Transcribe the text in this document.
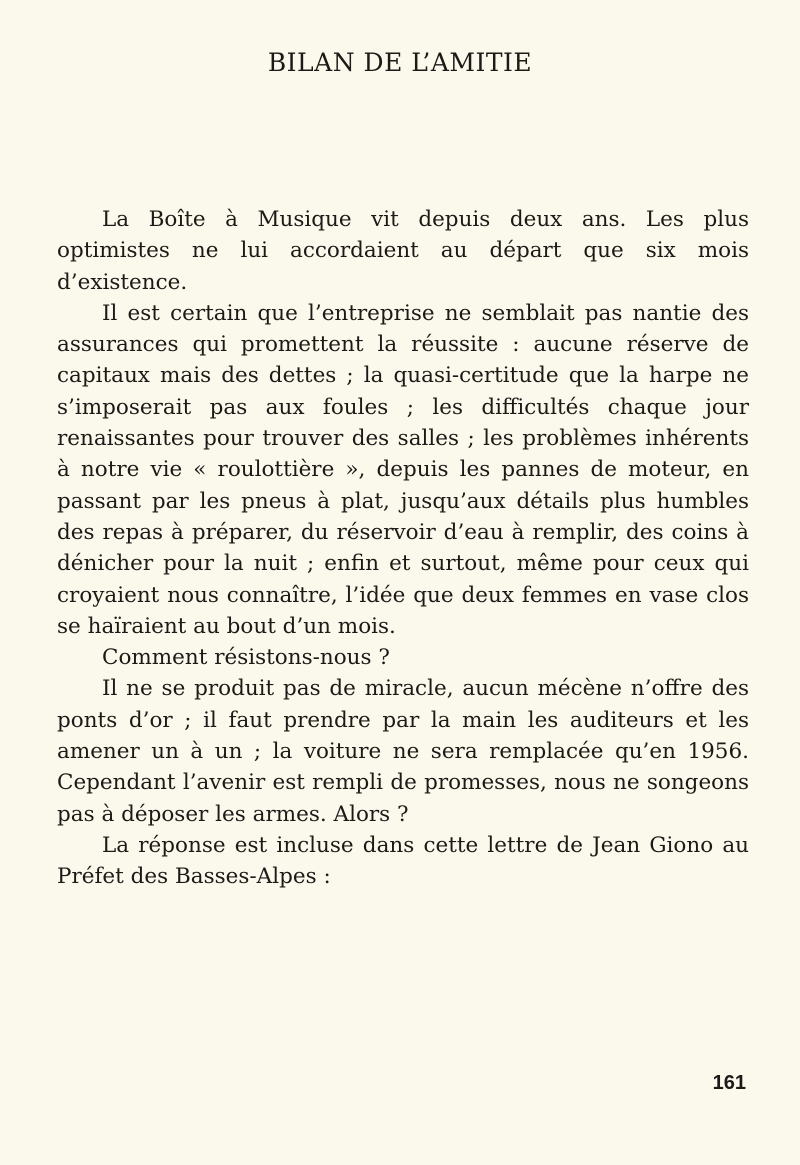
BILAN DE L’AMITIE

La Boîte à Musique vit depuis deux ans. Les plus optimistes ne lui accordaient au départ que six mois d’existence.

Il est certain que l’entreprise ne semblait pas nantie des assurances qui promettent la réussite : aucune réserve de capitaux mais des dettes ; la quasi-certitude que la harpe ne s’imposerait pas aux foules ; les difficultés chaque jour renaissantes pour trouver des salles ; les problèmes inhérents à notre vie « roulottière », depuis les pannes de moteur, en passant par les pneus à plat, jusqu’aux détails plus humbles des repas à préparer, du réservoir d’eau à remplir, des coins à dénicher pour la nuit ; enfin et surtout, même pour ceux qui croyaient nous connaître, l’idée que deux femmes en vase clos se haïraient au bout d’un mois.

Comment résistons-nous ?

Il ne se produit pas de miracle, aucun mécène n’offre des ponts d’or ; il faut prendre par la main les auditeurs et les amener un à un ; la voiture ne sera remplacée qu’en 1956. Cependant l’avenir est rempli de promesses, nous ne songeons pas à déposer les armes. Alors ?

La réponse est incluse dans cette lettre de Jean Giono au Préfet des Basses-Alpes :

161
